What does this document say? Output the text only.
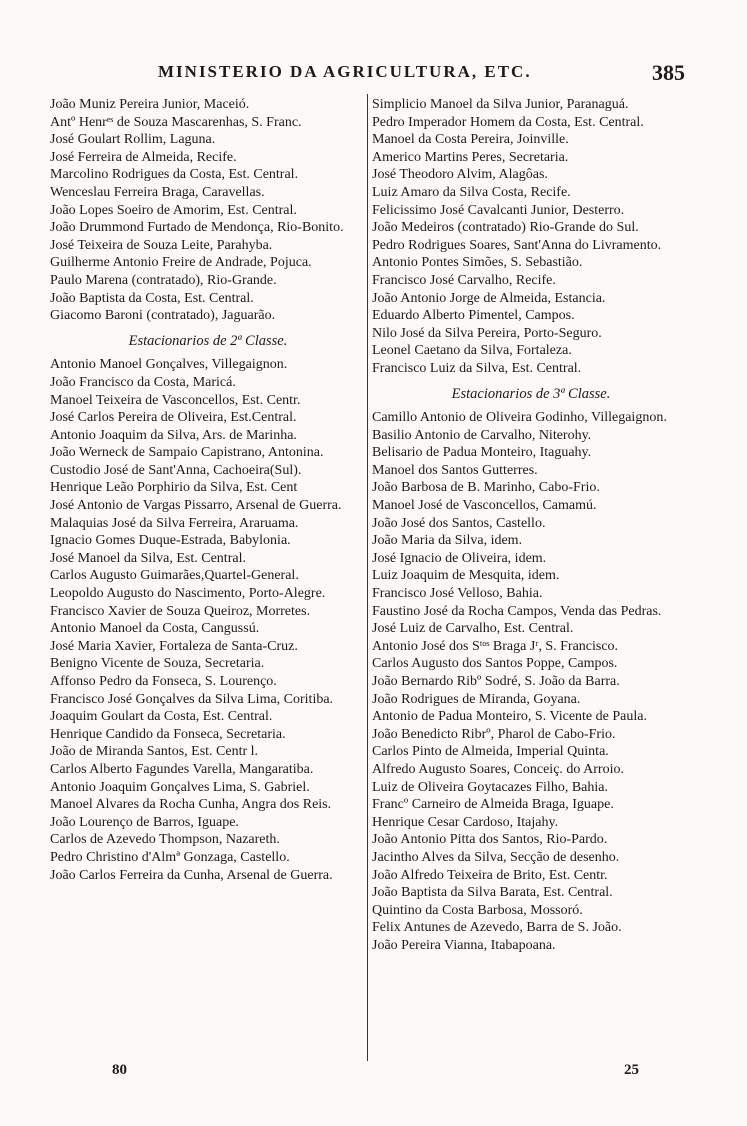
MINISTERIO DA AGRICULTURA, ETC.	385
João Muniz Pereira Junior, Maceió.
Antº Henrᵉˢ de Souza Mascarenhas, S. Franc.
José Goulart Rollim, Laguna.
José Ferreira de Almeida, Recife.
Marcolino Rodrigues da Costa, Est. Central.
Wenceslau Ferreira Braga, Caravellas.
João Lopes Soeiro de Amorim, Est. Central.
João Drummond Furtado de Mendonça, Rio-Bonito.
José Teixeira de Souza Leite, Parahyba.
Guilherme Antonio Freire de Andrade, Pojuca.
Paulo Marena (contratado), Rio-Grande.
João Baptista da Costa, Est. Central.
Giacomo Baroni (contratado), Jaguarão.
Estacionarios de 2ª Classe.
Antonio Manoel Gonçalves, Villegaignon.
João Francisco da Costa, Maricá.
Manoel Teixeira de Vasconcellos, Est. Centr.
José Carlos Pereira de Oliveira, Est.Central.
Antonio Joaquim da Silva, Ars. de Marinha.
João Werneck de Sampaio Capistrano, Antonina.
Custodio José de Sant'Anna, Cachoeira(Sul).
Henrique Leão Porphirio da Silva, Est. Cent
José Antonio de Vargas Pissarro, Arsenal de Guerra.
Malaquias José da Silva Ferreira, Araruama.
Ignacio Gomes Duque-Estrada, Babylonia.
José Manoel da Silva, Est. Central.
Carlos Augusto Guimarães,Quartel-General.
Leopoldo Augusto do Nascimento, Porto-Alegre.
Francisco Xavier de Souza Queiroz, Morretes.
Antonio Manoel da Costa, Cangussú.
José Maria Xavier, Fortaleza de Santa-Cruz.
Benigno Vicente de Souza, Secretaria.
Affonso Pedro da Fonseca, S. Lourenço.
Francisco José Gonçalves da Silva Lima, Coritiba.
Joaquim Goulart da Costa, Est. Central.
Henrique Candido da Fonseca, Secretaria.
João de Miranda Santos, Est. Centr l.
Carlos Alberto Fagundes Varella, Mangaratiba.
Antonio Joaquim Gonçalves Lima, S. Gabriel.
Manoel Alvares da Rocha Cunha, Angra dos Reis.
João Lourenço de Barros, Iguape.
Carlos de Azevedo Thompson, Nazareth.
Pedro Christino d'Almª Gonzaga, Castello.
João Carlos Ferreira da Cunha, Arsenal de Guerra.
Simplicio Manoel da Silva Junior, Paranaguá.
Pedro Imperador Homem da Costa, Est. Central.
Manoel da Costa Pereira, Joinville.
Americo Martins Peres, Secretaria.
José Theodoro Alvim, Alagôas.
Luiz Amaro da Silva Costa, Recife.
Felicissimo José Cavalcanti Junior, Desterro.
João Medeiros (contratado) Rio-Grande do Sul.
Pedro Rodrigues Soares, Sant'Anna do Livramento.
Antonio Pontes Simões, S. Sebastião.
Francisco José Carvalho, Recife.
João Antonio Jorge de Almeida, Estancia.
Eduardo Alberto Pimentel, Campos.
Nilo José da Silva Pereira, Porto-Seguro.
Leonel Caetano da Silva, Fortaleza.
Francisco Luiz da Silva, Est. Central.
Estacionarios de 3ª Classe.
Camillo Antonio de Oliveira Godinho, Villegaignon.
Basilio Antonio de Carvalho, Niterohy.
Belisario de Padua Monteiro, Itaguahy.
Manoel dos Santos Gutterres.
João Barbosa de B. Marinho, Cabo-Frio.
Manoel José de Vasconcellos, Camamú.
João José dos Santos, Castello.
João Maria da Silva, idem.
José Ignacio de Oliveira, idem.
Luiz Joaquim de Mesquita, idem.
Francisco José Velloso, Bahia.
Faustino José da Rocha Campos, Venda das Pedras.
José Luiz de Carvalho, Est. Central.
Antonio José dos Sᵗᵒˢ Braga Jʳ, S. Francisco.
Carlos Augusto dos Santos Poppe, Campos.
João Bernardo Ribº Sodré, S. João da Barra.
João Rodrigues de Miranda, Goyana.
Antonio de Padua Monteiro, S. Vicente de Paula.
João Benedicto Ribrº, Pharol de Cabo-Frio.
Carlos Pinto de Almeida, Imperial Quinta.
Alfredo Augusto Soares, Conceiç. do Arroio.
Luiz de Oliveira Goytacazes Filho, Bahia.
Francº Carneiro de Almeida Braga, Iguape.
Henrique Cesar Cardoso, Itajahy.
João Antonio Pitta dos Santos, Rio-Pardo.
Jacintho Alves da Silva, Secção de desenho.
João Alfredo Teixeira de Brito, Est. Centr.
João Baptista da Silva Barata, Est. Central.
Quintino da Costa Barbosa, Mossoró.
Felix Antunes de Azevedo, Barra de S. João.
João Pereira Vianna, Itabapoana.
80	25
